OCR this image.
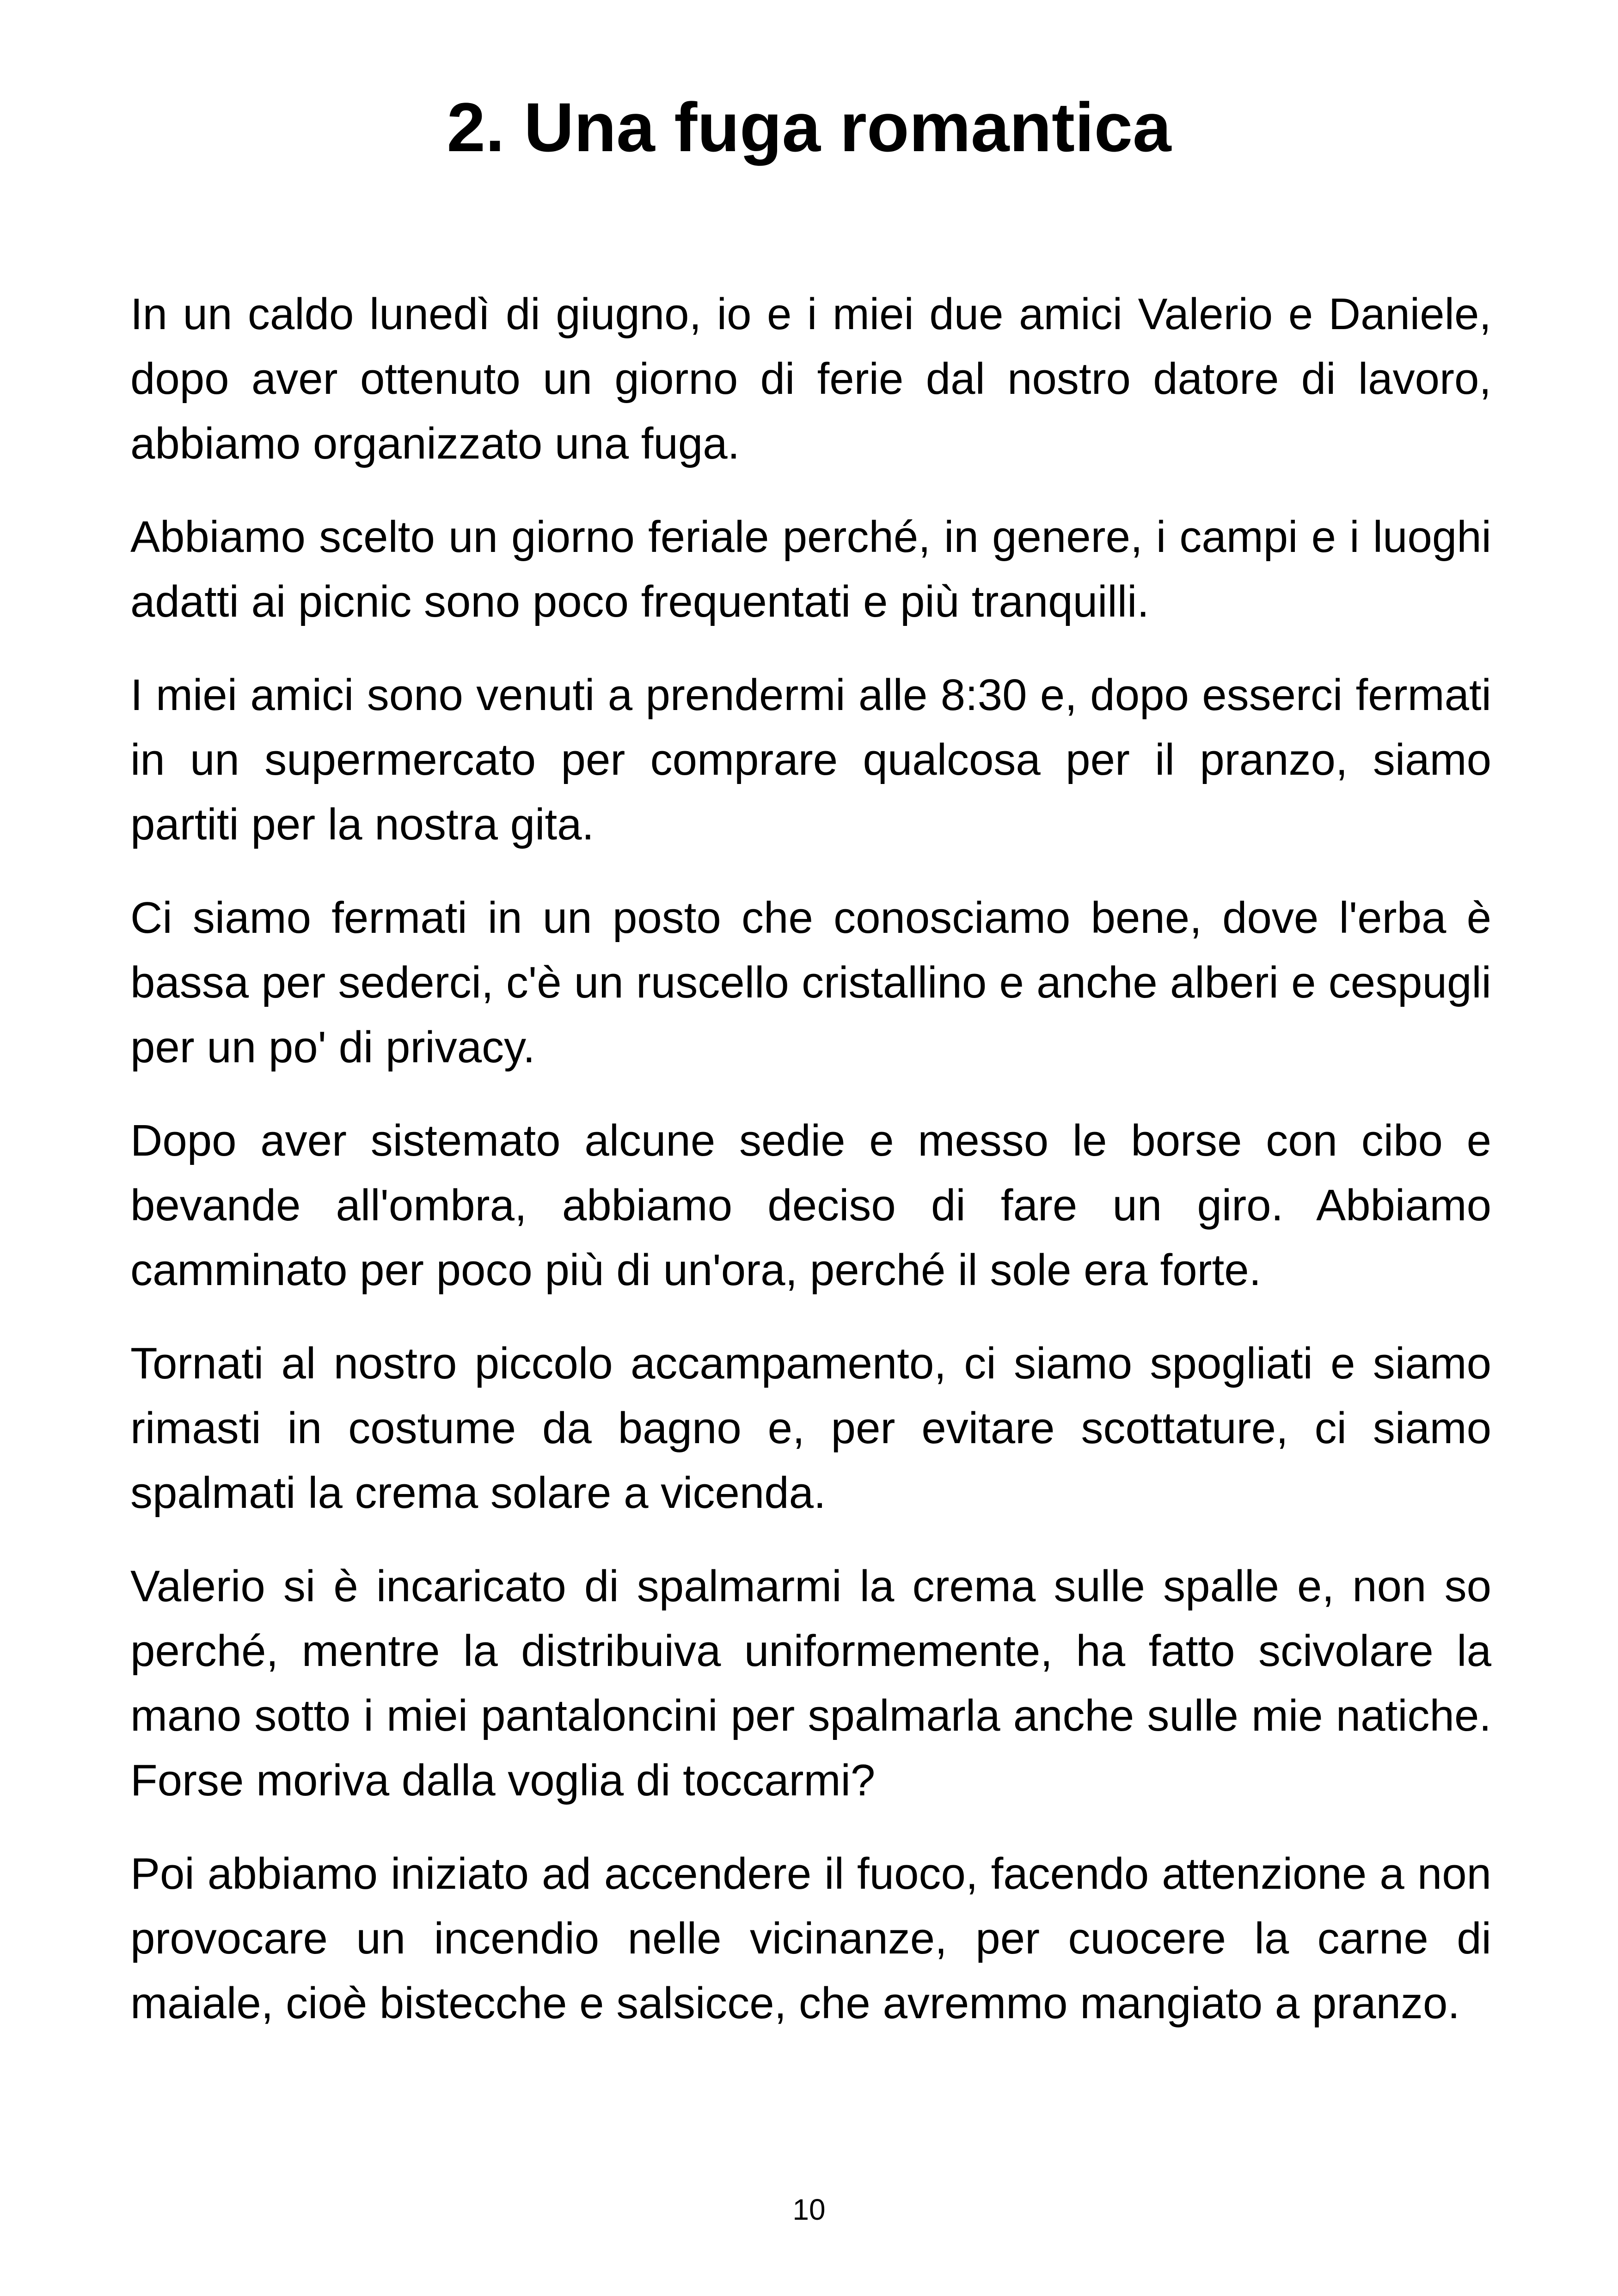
2. Una fuga romantica

In un caldo lunedì di giugno, io e i miei due amici Valerio e Daniele, dopo aver ottenuto un giorno di ferie dal nostro datore di lavoro, abbiamo organizzato una fuga.

Abbiamo scelto un giorno feriale perché, in genere, i campi e i luoghi adatti ai picnic sono poco frequentati e più tranquilli.

I miei amici sono venuti a prendermi alle 8:30 e, dopo esserci fermati in un supermercato per comprare qualcosa per il pranzo, siamo partiti per la nostra gita.

Ci siamo fermati in un posto che conosciamo bene, dove l'erba è bassa per sederci, c'è un ruscello cristallino e anche alberi e cespugli per un po' di privacy.

Dopo aver sistemato alcune sedie e messo le borse con cibo e bevande all'ombra, abbiamo deciso di fare un giro. Abbiamo camminato per poco più di un'ora, perché il sole era forte.

Tornati al nostro piccolo accampamento, ci siamo spogliati e siamo rimasti in costume da bagno e, per evitare scottature, ci siamo spalmati la crema solare a vicenda.

Valerio si è incaricato di spalmarmi la crema sulle spalle e, non so perché, mentre la distribuiva uniformemente, ha fatto scivolare la mano sotto i miei pantaloncini per spalmarla anche sulle mie natiche. Forse moriva dalla voglia di toccarmi?

Poi abbiamo iniziato ad accendere il fuoco, facendo attenzione a non provocare un incendio nelle vicinanze, per cuocere la carne di maiale, cioè bistecche e salsicce, che avremmo mangiato a pranzo.

10
